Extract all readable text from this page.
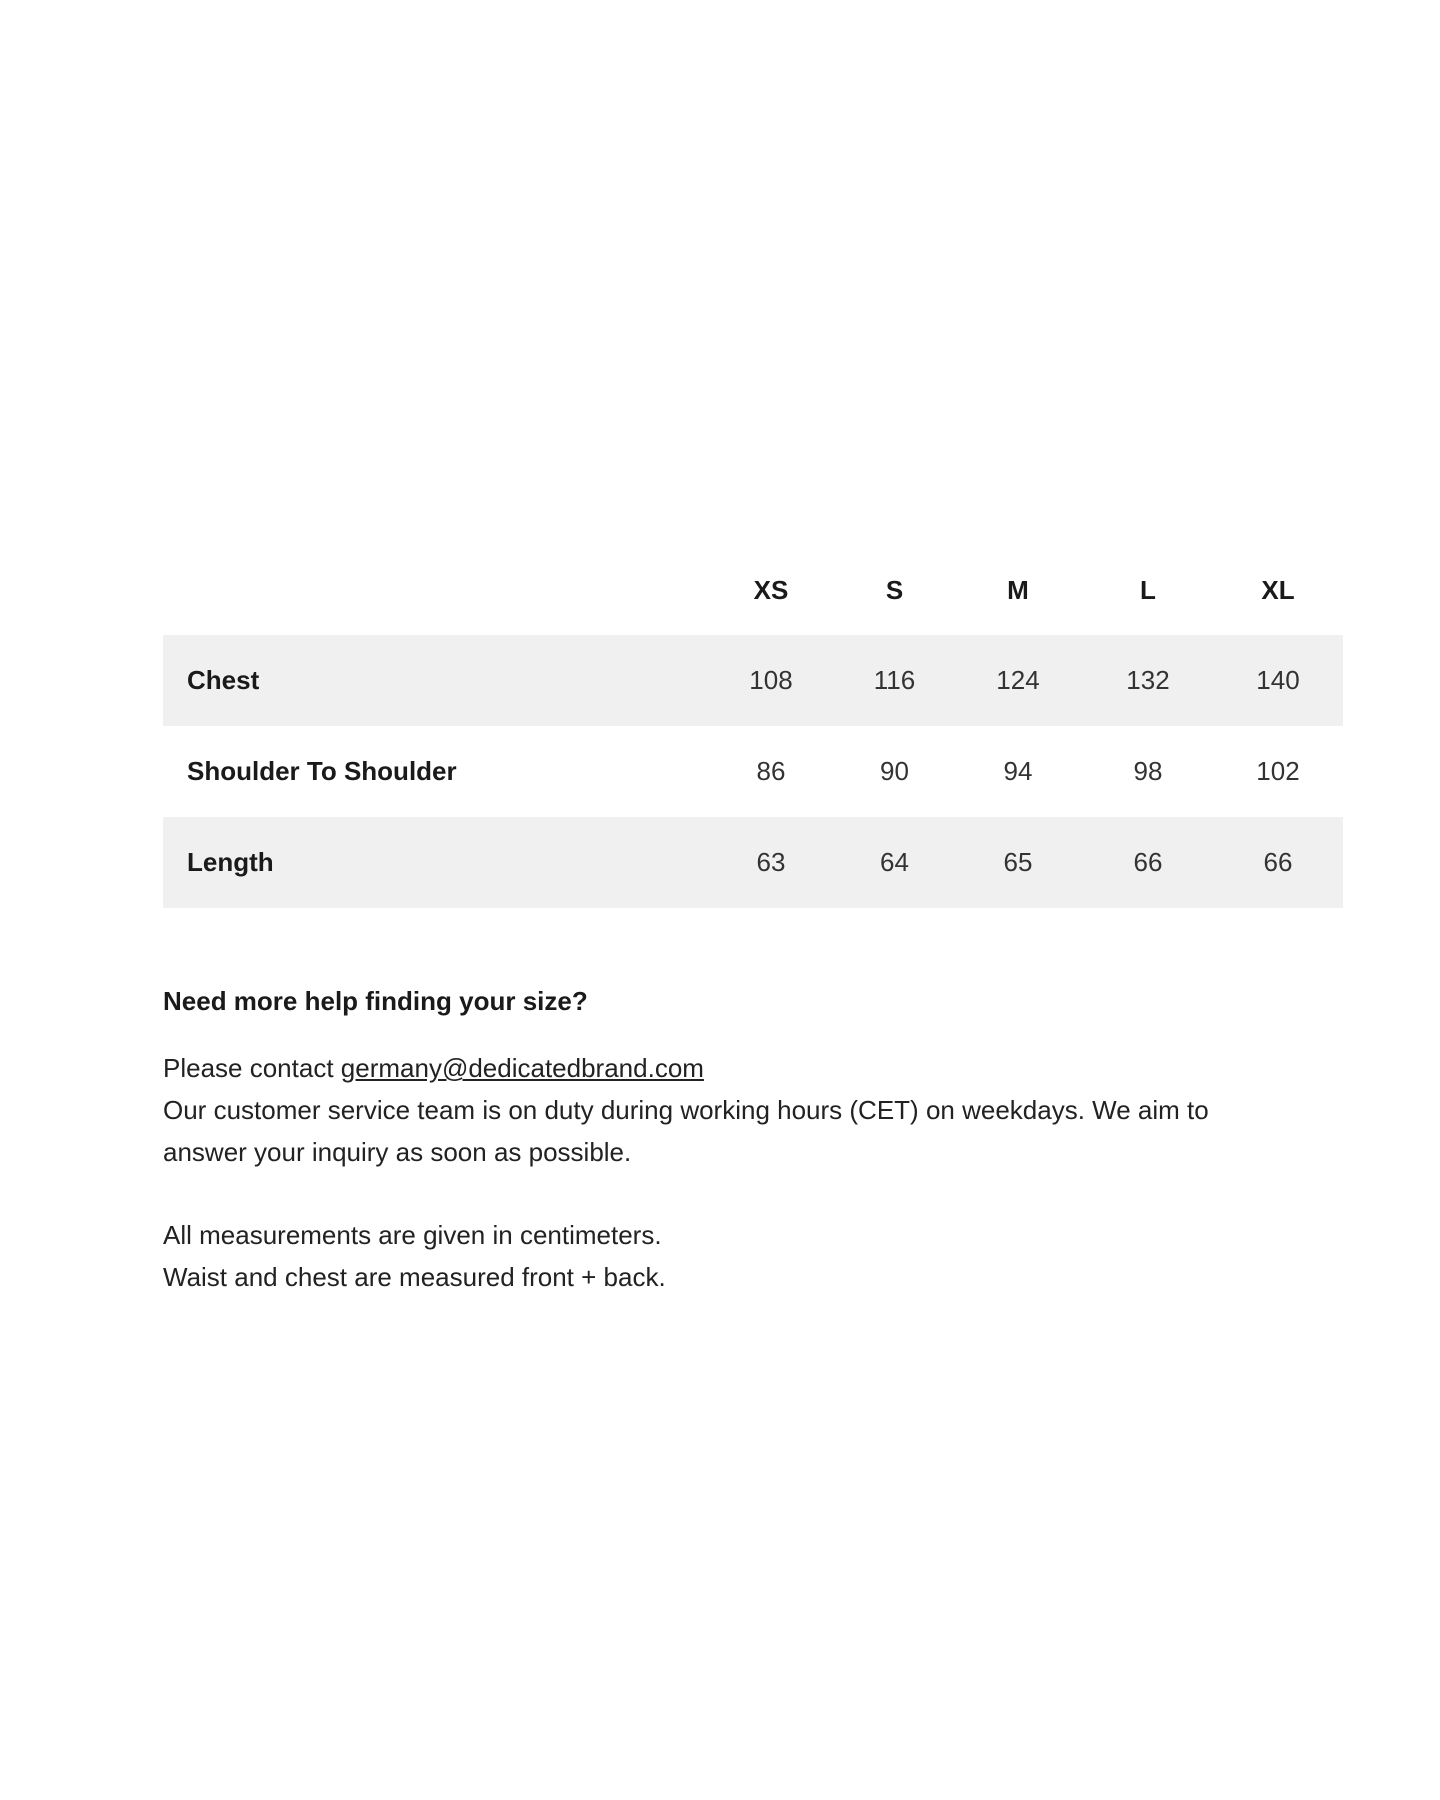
	XS	S	M	L	XL
Chest	108	116	124	132	140
Shoulder To Shoulder	86	90	94	98	102
Length	63	64	65	66	66

Need more help finding your size?

Please contact germany@dedicatedbrand.com
Our customer service team is on duty during working hours (CET) on weekdays. We aim to answer your inquiry as soon as possible.

All measurements are given in centimeters.

Waist and chest are measured front + back.
